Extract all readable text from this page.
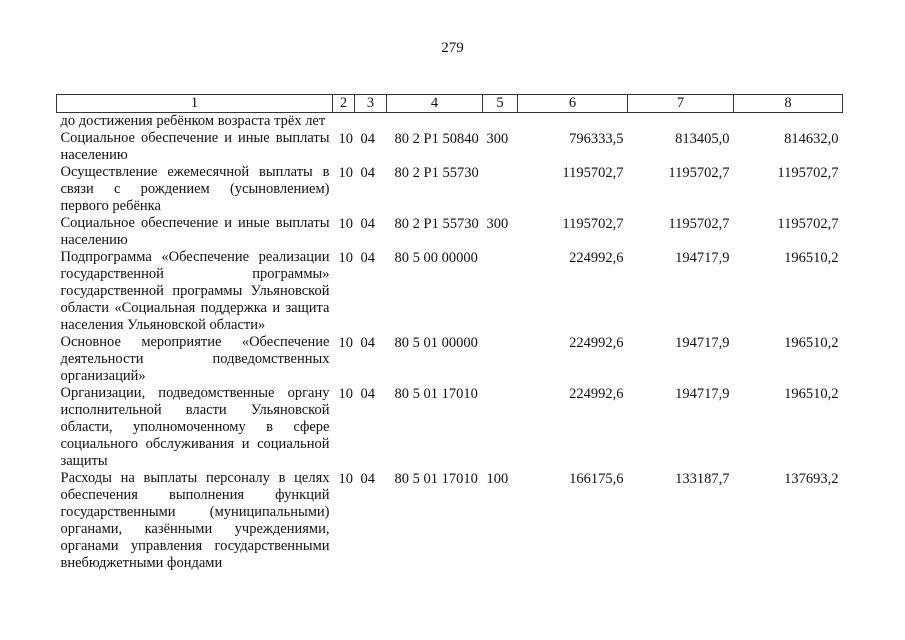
279
1	2	3	4	5	6	7	8
до достижения ребёнком возраста трёх лет							
Социальное обеспечение и иные выплаты населению	10	04	80 2 P1 50840	300	796333,5	813405,0	814632,0
Осуществление ежемесячной выплаты в связи с рождением (усыновлением) первого ребёнка	10	04	80 2 P1 55730		1195702,7	1195702,7	1195702,7
Социальное обеспечение и иные выплаты населению	10	04	80 2 P1 55730	300	1195702,7	1195702,7	1195702,7
Подпрограмма «Обеспечение реализации государственной программы» государственной программы Ульяновской области «Социальная поддержка и защита населения Ульяновской области»	10	04	80 5 00 00000		224992,6	194717,9	196510,2
Основное мероприятие «Обеспечение деятельности подведомственных организаций»	10	04	80 5 01 00000		224992,6	194717,9	196510,2
Организации, подведомственные органу исполнительной власти Ульяновской области, уполномоченному в сфере социального обслуживания и социальной защиты	10	04	80 5 01 17010		224992,6	194717,9	196510,2
Расходы на выплаты персоналу в целях обеспечения выполнения функций государственными (муниципальными) органами, казёнными учреждениями, органами управления государственными внебюджетными фондами	10	04	80 5 01 17010	100	166175,6	133187,7	137693,2
